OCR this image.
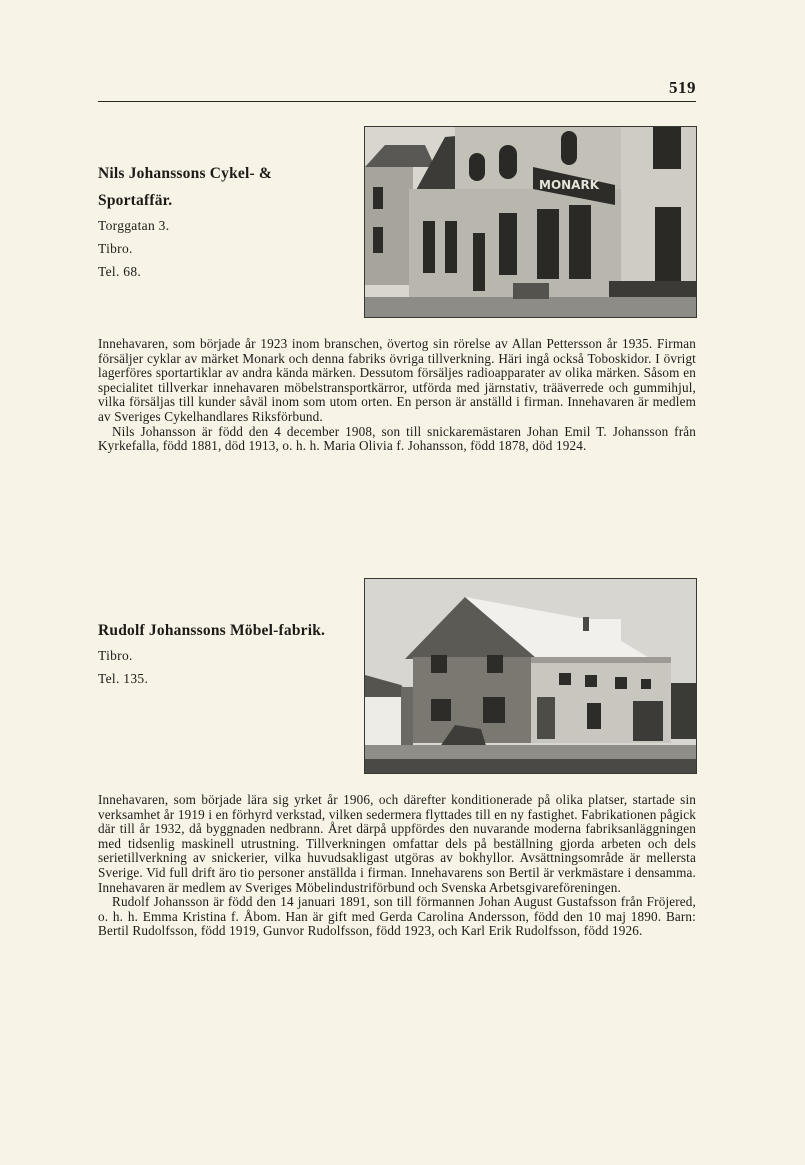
519

Nils Johanssons Cykel- & Sportaffär.

Torggatan 3.

Tibro.

Tel. 68.

MONARK

Innehavaren, som började år 1923 inom branschen, övertog sin rörelse av Allan Pettersson år 1935. Firman försäljer cyklar av märket Monark och denna fabriks övriga tillverkning. Häri ingå också Toboskidor. I övrigt lagerföres sportartiklar av andra kända märken. Dessutom försäljes radioapparater av olika märken. Såsom en specialitet tillverkar innehavaren möbelstransportkärror, utförda med järnstativ, trääverrede och gummihjul, vilka försäljas till kunder såväl inom som utom orten. En person är anställd i firman. Innehavaren är medlem av Sveriges Cykelhandlares Riksförbund.

Nils Johansson är född den 4 december 1908, son till snickaremästaren Johan Emil T. Johansson från Kyrkefalla, född 1881, död 1913, o. h. h. Maria Olivia f. Johansson, född 1878, död 1924.

Rudolf Johanssons Möbel-fabrik.

Tibro.

Tel. 135.

Innehavaren, som började lära sig yrket år 1906, och därefter konditionerade på olika platser, startade sin verksamhet år 1919 i en förhyrd verkstad, vilken sedermera flyttades till en ny fastighet. Fabrikationen pågick där till år 1932, då byggnaden nedbrann. Året därpå uppfördes den nuvarande moderna fabriksanläggningen med tidsenlig maskinell utrustning. Tillverkningen omfattar dels på beställning gjorda arbeten och dels serietillverkning av snickerier, vilka huvudsakligast utgöras av bokhyllor. Avsättningsområde är mellersta Sverige. Vid full drift äro tio personer anställda i firman. Innehavarens son Bertil är verkmästare i densamma. Innehavaren är medlem av Sveriges Möbelindustriförbund och Svenska Arbetsgivareföreningen.

Rudolf Johansson är född den 14 januari 1891, son till förmannen Johan August Gustafsson från Fröjered, o. h. h. Emma Kristina f. Åbom. Han är gift med Gerda Carolina Andersson, född den 10 maj 1890. Barn: Bertil Rudolfsson, född 1919, Gunvor Rudolfsson, född 1923, och Karl Erik Rudolfsson, född 1926.
